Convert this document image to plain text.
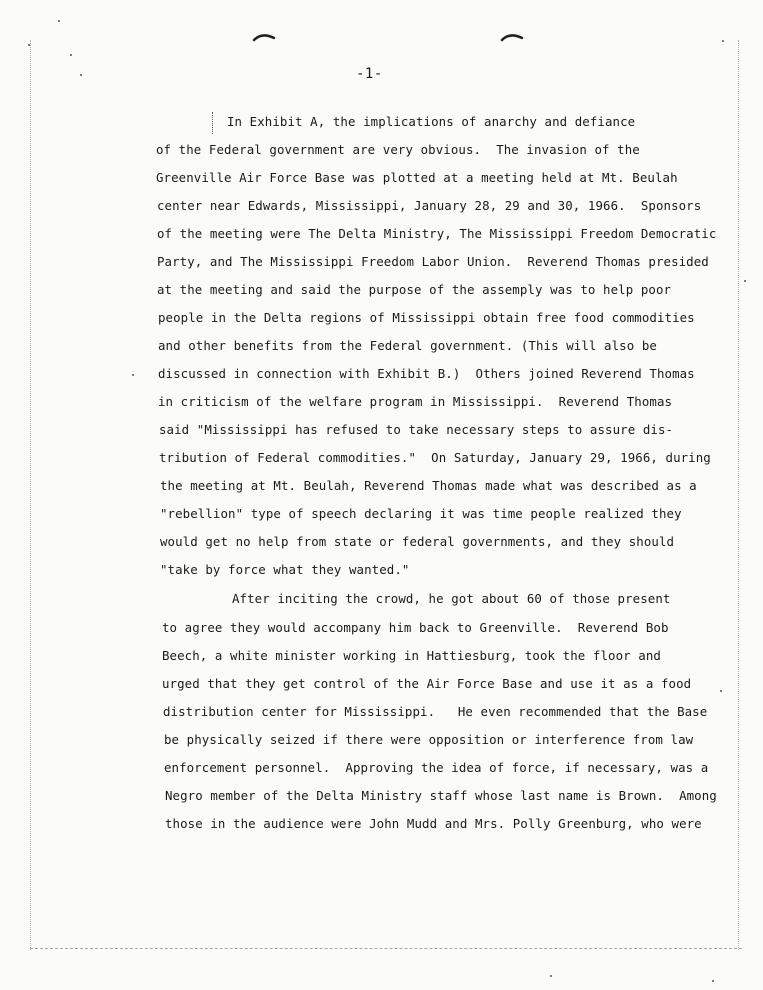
-1-
In Exhibit A, the implications of anarchy and defiance
of the Federal government are very obvious.  The invasion of the
Greenville Air Force Base was plotted at a meeting held at Mt. Beulah
center near Edwards, Mississippi, January 28, 29 and 30, 1966.  Sponsors
of the meeting were The Delta Ministry, The Mississippi Freedom Democratic
Party, and The Mississippi Freedom Labor Union.  Reverend Thomas presided
at the meeting and said the purpose of the assemply was to help poor
people in the Delta regions of Mississippi obtain free food commodities
and other benefits from the Federal government. (This will also be
discussed in connection with Exhibit B.)  Others joined Reverend Thomas
in criticism of the welfare program in Mississippi.  Reverend Thomas
said "Mississippi has refused to take necessary steps to assure dis-
tribution of Federal commodities."  On Saturday, January 29, 1966, during
the meeting at Mt. Beulah, Reverend Thomas made what was described as a
"rebellion" type of speech declaring it was time people realized they
would get no help from state or federal governments, and they should
"take by force what they wanted."
After inciting the crowd, he got about 60 of those present
to agree they would accompany him back to Greenville.  Reverend Bob
Beech, a white minister working in Hattiesburg, took the floor and
urged that they get control of the Air Force Base and use it as a food
distribution center for Mississippi.   He even recommended that the Base
be physically seized if there were opposition or interference from law
enforcement personnel.  Approving the idea of force, if necessary, was a
Negro member of the Delta Ministry staff whose last name is Brown.  Among
those in the audience were John Mudd and Mrs. Polly Greenburg, who were
